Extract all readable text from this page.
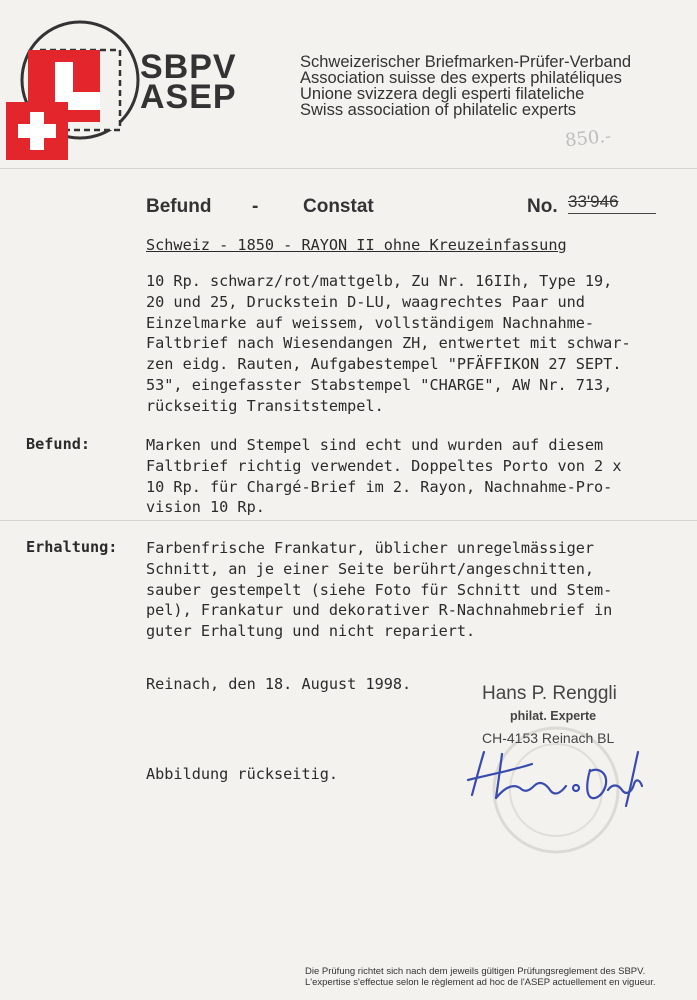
SBPV
ASEP
Schweizerischer Briefmarken-Prüfer-Verband
Association suisse des experts philatéliques
Unione svizzera degli esperti filateliche
Swiss association of philatelic experts
850.-
Befund - Constat	No. 33'946
Schweiz - 1850 - RAYON II ohne Kreuzeinfassung
10 Rp. schwarz/rot/mattgelb, Zu Nr. 16IIh, Type 19,
20 und 25, Druckstein D-LU, waagrechtes Paar und
Einzelmarke auf weissem, vollständigem Nachnahme-
Faltbrief nach Wiesendangen ZH, entwertet mit schwar-
zen eidg. Rauten, Aufgabestempel "PFÄFFIKON 27 SEPT.
53", eingefasster Stabstempel "CHARGE", AW Nr. 713,
rückseitig Transitstempel.
Befund:	Marken und Stempel sind echt und wurden auf diesem
Faltbrief richtig verwendet. Doppeltes Porto von 2 x
10 Rp. für Chargé-Brief im 2. Rayon, Nachnahme-Pro-
vision 10 Rp.
Erhaltung: Farbenfrische Frankatur, üblicher unregelmässiger
Schnitt, an je einer Seite berührt/angeschnitten,
sauber gestempelt (siehe Foto für Schnitt und Stem-
pel), Frankatur und dekorativer R-Nachnahmebrief in
guter Erhaltung und nicht repariert.
Reinach, den 18. August 1998.	Hans P. Renggli
philat. Experte
CH-4153 Reinach BL
Abbildung rückseitig.
Die Prüfung richtet sich nach dem jeweils gültigen Prüfungsreglement des SBPV.
L'expertise s'effectue selon le règlement ad hoc de l'ASEP actuellement en vigueur.
